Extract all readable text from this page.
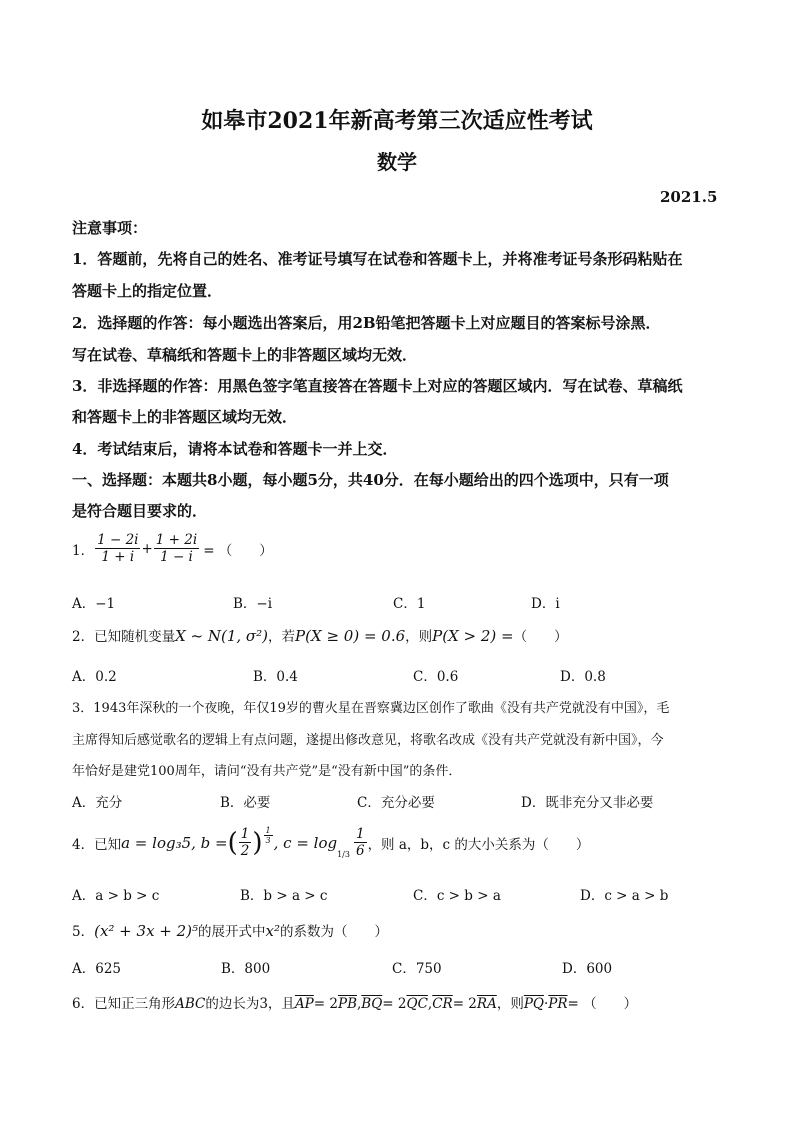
如皋市2021年新高考第三次适应性考试
数学
2021.5
注意事项：
1．答题前，先将自己的姓名、准考证号填写在试卷和答题卡上，并将准考证号条形码粘贴在
答题卡上的指定位置．
2．选择题的作答：每小题选出答案后，用2B铅笔把答题卡上对应题目的答案标号涂黑．
写在试卷、草稿纸和答题卡上的非答题区域均无效．
3．非选择题的作答：用黑色签字笔直接答在答题卡上对应的答题区域内．写在试卷、草稿纸
和答题卡上的非答题区域均无效．
4．考试结束后，请将本试卷和答题卡一并上交．
一、选择题：本题共8小题，每小题5分，共40分．在每小题给出的四个选项中，只有一项
是符合题目要求的．
1． $\frac{1 - 2i}{1 + i} + \frac{1 + 2i}{1 - i}$ = （　　）
A．−1	B．−i	C．1	D．i
2．已知随机变量X ~ N(1, σ²)，若P(X ≥ 0) = 0.6，则P(X > 2) =（　　）
A．0.2	B．0.4	C．0.6	D．0.8
3．1943年深秋的一个夜晚，年仅19岁的曹火星在晋察冀边区创作了歌曲《没有共产党就没有中国》，毛
主席得知后感觉歌名的逻辑上有点问题，遂提出修改意见，将歌名改成《没有共产党就没有新中国》，今
年恰好是建党100周年，请问“没有共产党”是“没有新中国”的条件．
A．充分	B．必要	C．充分必要	D．既非充分又非必要
4．已知 a = log₃5, b = ( $\frac{1}{2}$ ) $\frac{1}{3}$ , c = log
$_{1/3} \frac{1}{6}$ ，则 a，b，c 的大小关系为（　　）
A．a > b > c	B．b > a > c	C．c > b > a	D．c > a > b
5．(x² + 3x + 2)⁵的展开式中x²的系数为（　　）
A．625	B．800	C．750	D．600
6．已知正三角形ABC的边长为3，且$\overline{AP}= 2\overline{PB},\overline{BQ}= 2\overline{QC},\overline{CR}= 2\overline{RA}$，则$\overline{PQ}\cdot\overline{PR}=$ （　　）
